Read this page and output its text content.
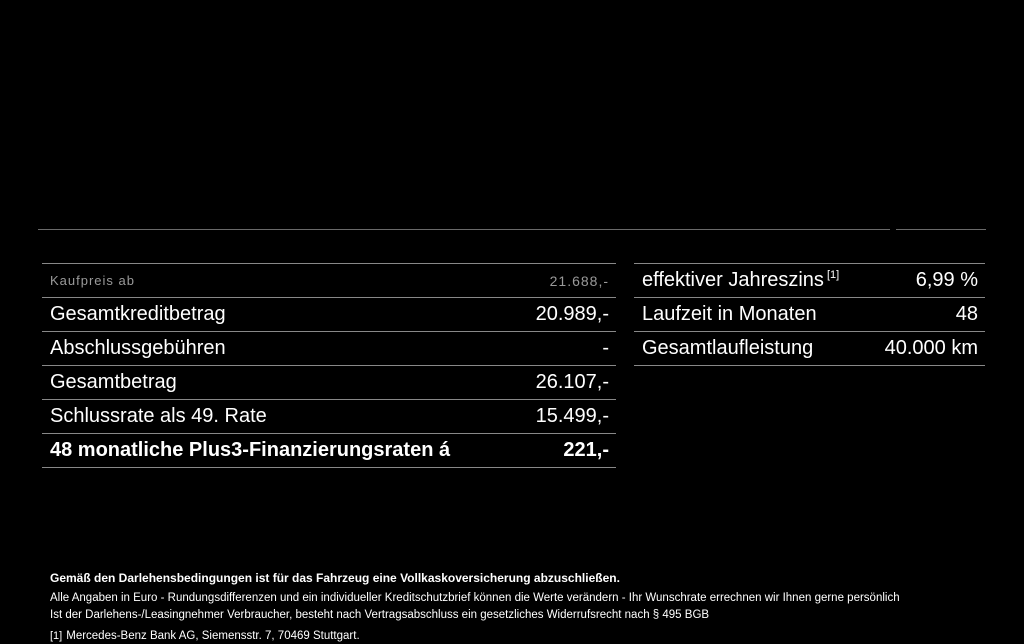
Kaufpreis ab	21.688,-
Gesamtkreditbetrag	20.989,-
Abschlussgebühren	-
Gesamtbetrag	26.107,-
Schlussrate als 49. Rate	15.499,-
48 monatliche Plus3-Finanzierungsraten á	221,-
effektiver Jahreszins [1]	6,99 %
Laufzeit in Monaten	48
Gesamtlaufleistung	40.000 km
Gemäß den Darlehensbedingungen ist für das Fahrzeug eine Vollkaskoversicherung abzuschließen.
Alle Angaben in Euro - Rundungsdifferenzen und ein individueller Kreditschutzbrief können die Werte verändern - Ihr Wunschrate errechnen wir Ihnen gerne persönlich
Ist der Darlehens-/Leasingnehmer Verbraucher, besteht nach Vertragsabschluss ein gesetzliches Widerrufsrecht nach § 495 BGB
[1] Mercedes-Benz Bank AG, Siemensstr. 7, 70469 Stuttgart.
